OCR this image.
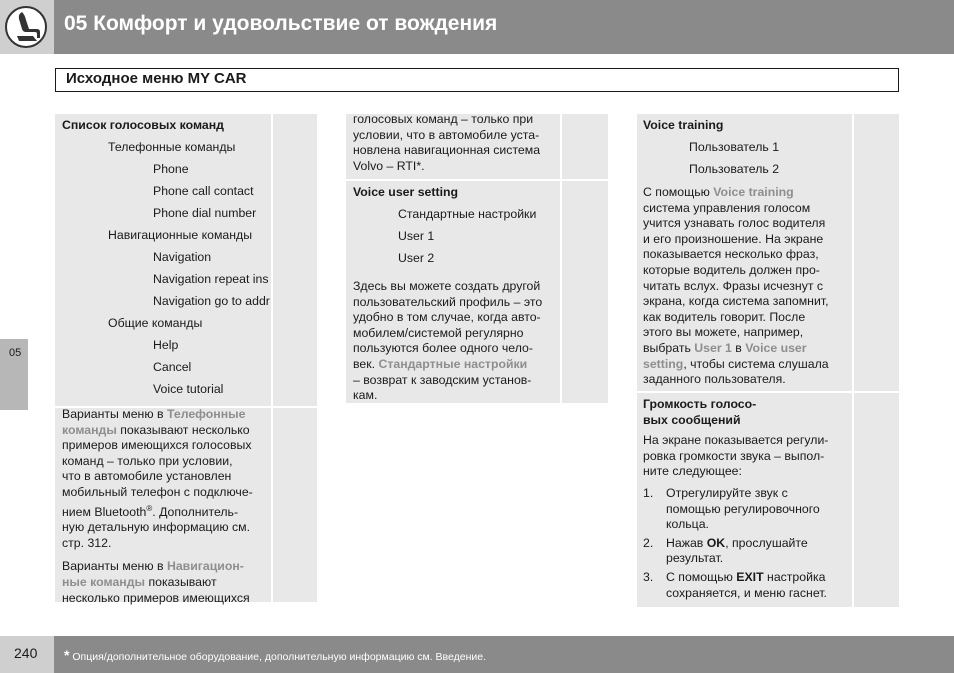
05 Комфорт и удовольствие от вождения
Исходное меню MY CAR
05
Список голосовых команд
Телефонные команды
Phone
Phone call contact
Phone dial number
Навигационные команды
Navigation
Navigation repeat ins
Navigation go to addr
Общие команды
Help
Cancel
Voice tutorial
Варианты меню в Телефонные
команды показывают несколько
примеров имеющихся голосовых
команд – только при условии,
что в автомобиле установлен
мобильный телефон с подключе-
нием Bluetooth®. Дополнитель-
ную детальную информацию см.
стр. 312.
Варианты меню в Навигацион-
ные команды показывают
несколько примеров имеющихся
голосовых команд – только при
условии, что в автомобиле уста-
новлена навигационная система
Volvo – RTI*.
Voice user setting
Стандартные настройки
User 1
User 2
Здесь вы можете создать другой
пользовательский профиль – это
удобно в том случае, когда авто-
мобилем/системой регулярно
пользуются более одного чело-
век. Стандартные настройки
– возврат к заводским установ-
кам.
Voice training
Пользователь 1
Пользователь 2
С помощью Voice training
система управления голосом
учится узнавать голос водителя
и его произношение. На экране
показывается несколько фраз,
которые водитель должен про-
читать вслух. Фразы исчезнут с
экрана, когда система запомнит,
как водитель говорит. После
этого вы можете, например,
выбрать User 1 в Voice user
setting, чтобы система слушала
заданного пользователя.
Громкость голосо-
вых сообщений
На экране показывается регули-
ровка громкости звука – выпол-
ните следующее:
1. Отрегулируйте звук с
помощью регулировочного
кольца.
2. Нажав OK, прослушайте
результат.
3. С помощью EXIT настройка
сохраняется, и меню гаснет.
240 * Опция/дополнительное оборудование, дополнительную информацию см. Введение.
